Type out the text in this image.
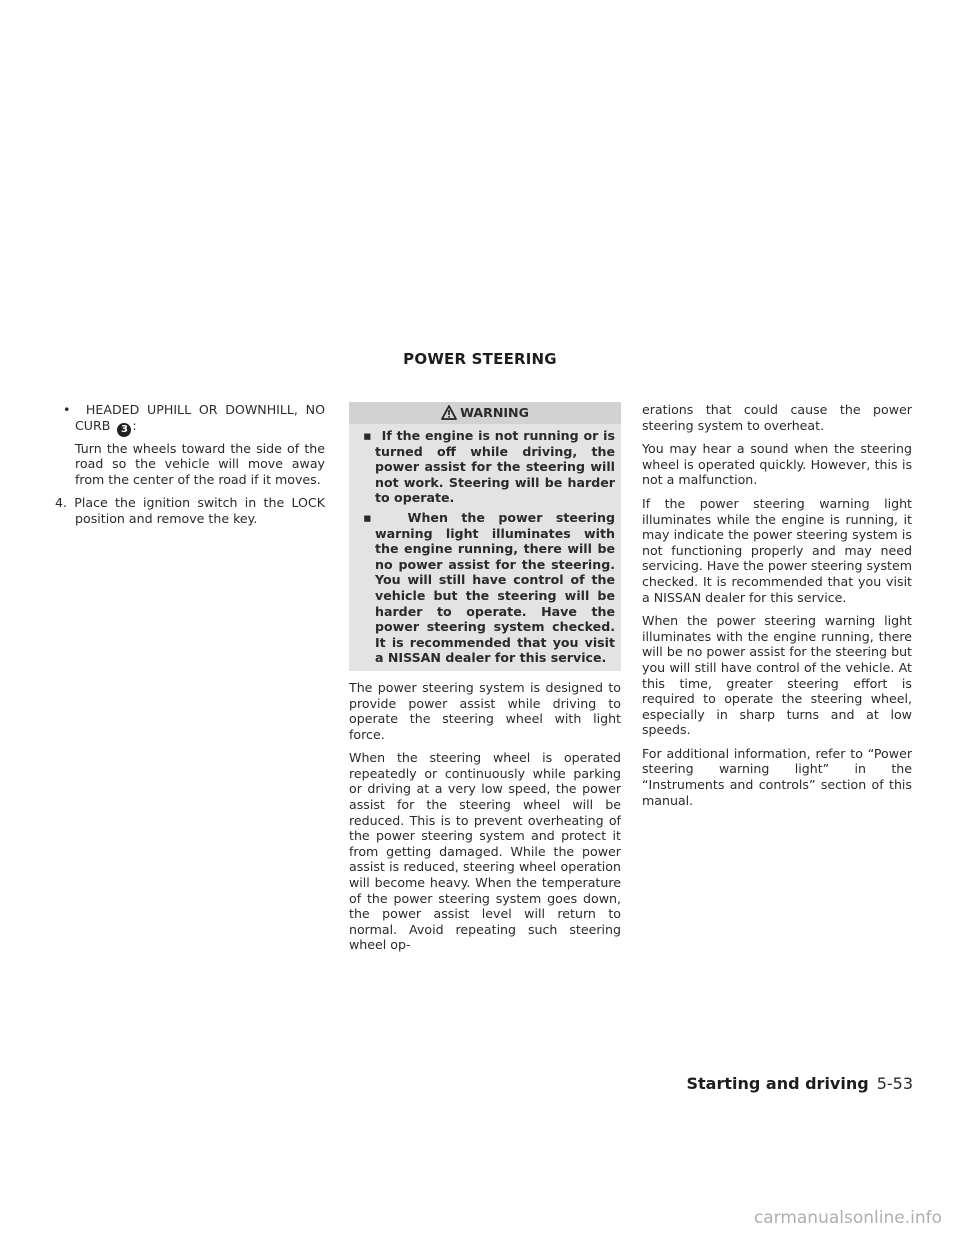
POWER STEERING

• HEADED UPHILL OR DOWNHILL, NO CURB 3 :

Turn the wheels toward the side of the road so the vehicle will move away from the center of the road if it moves.

4. Place the ignition switch in the LOCK position and remove the key.

WARNING

▪ If the engine is not running or is turned off while driving, the power assist for the steering will not work. Steering will be harder to operate.

▪ When the power steering warning light illuminates with the engine running, there will be no power assist for the steering. You will still have control of the vehicle but the steering will be harder to operate. Have the power steering system checked. It is recommended that you visit a NISSAN dealer for this service.

The power steering system is designed to provide power assist while driving to operate the steering wheel with light force.

When the steering wheel is operated repeatedly or continuously while parking or driving at a very low speed, the power assist for the steering wheel will be reduced. This is to prevent overheating of the power steering system and protect it from getting damaged. While the power assist is reduced, steering wheel operation will become heavy. When the temperature of the power steering system goes down, the power assist level will return to normal. Avoid repeating such steering wheel op-

erations that could cause the power steering system to overheat.

You may hear a sound when the steering wheel is operated quickly. However, this is not a malfunction.

If the power steering warning light illuminates while the engine is running, it may indicate the power steering system is not functioning properly and may need servicing. Have the power steering system checked. It is recommended that you visit a NISSAN dealer for this service.

When the power steering warning light illuminates with the engine running, there will be no power assist for the steering but you will still have control of the vehicle. At this time, greater steering effort is required to operate the steering wheel, especially in sharp turns and at low speeds.

For additional information, refer to “Power steering warning light” in the “Instruments and controls” section of this manual.

Starting and driving 5-53
carmanualsonline.info
